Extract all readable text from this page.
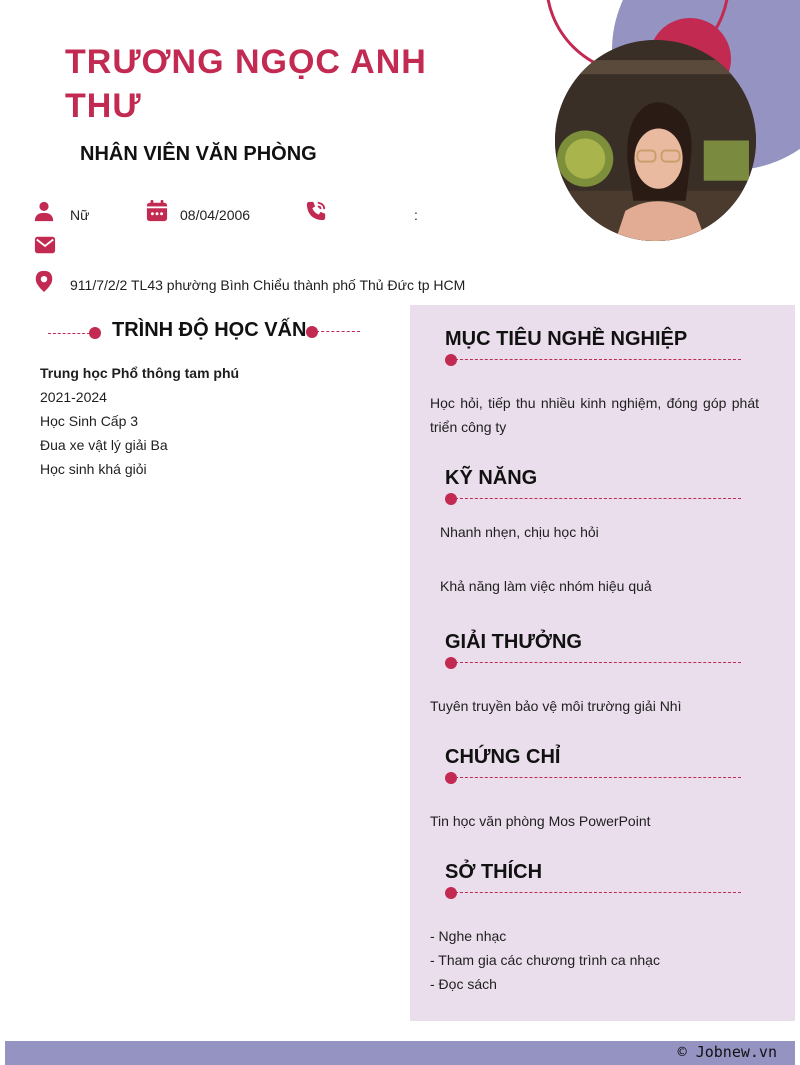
TRƯƠNG NGỌC ANH THƯ
NHÂN VIÊN VĂN PHÒNG
Nữ	08/04/2006	:
911/7/2/2 TL43 phường Bình Chiểu thành phố Thủ Đức tp HCM
TRÌNH ĐỘ HỌC VẤN
Trung học Phổ thông tam phú
2021-2024
Học Sinh Cấp 3
Đua xe vật lý giải Ba
Học sinh khá giỏi
MỤC TIÊU NGHỀ NGHIỆP
Học hỏi, tiếp thu nhiều kinh nghiệm, đóng góp phát triển công ty
KỸ NĂNG
Nhanh nhẹn, chịu học hỏi
Khả năng làm việc nhóm hiệu quả
GIẢI THƯỞNG
Tuyên truyền bảo vệ môi trường giải Nhì
CHỨNG CHỈ
Tin học văn phòng Mos PowerPoint
SỞ THÍCH
- Nghe nhạc
- Tham gia các chương trình ca nhạc
- Đọc sách
© Jobnew.vn
